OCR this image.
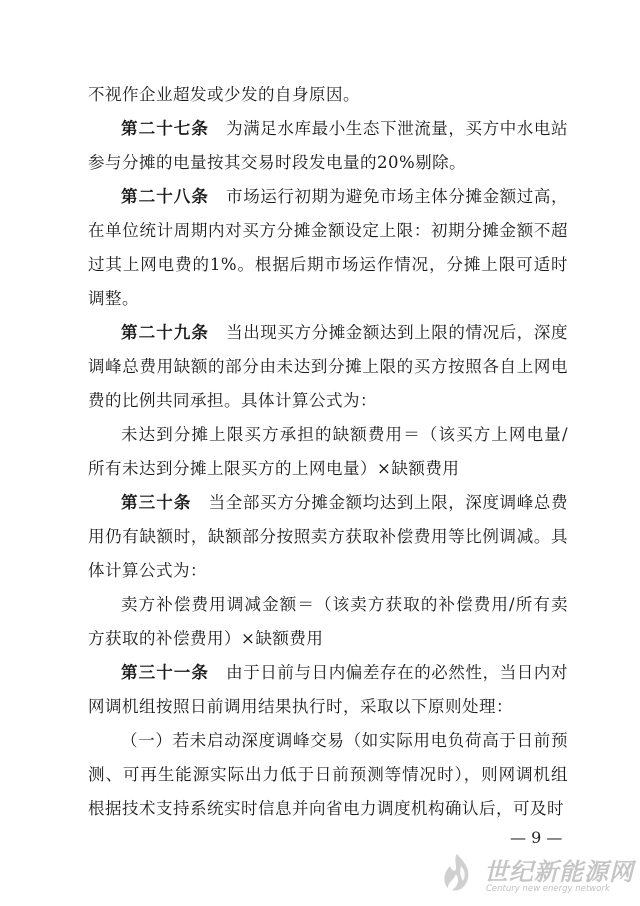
不视作企业超发或少发的自身原因。

第二十七条　为满足水库最小生态下泄流量，买方中水电站参与分摊的电量按其交易时段发电量的20%剔除。

第二十八条　市场运行初期为避免市场主体分摊金额过高，在单位统计周期内对买方分摊金额设定上限：初期分摊金额不超过其上网电费的1%。根据后期市场运作情况，分摊上限可适时调整。

第二十九条　当出现买方分摊金额达到上限的情况后，深度调峰总费用缺额的部分由未达到分摊上限的买方按照各自上网电费的比例共同承担。具体计算公式为：

未达到分摊上限买方承担的缺额费用＝（该买方上网电量/所有未达到分摊上限买方的上网电量）×缺额费用

第三十条　当全部买方分摊金额均达到上限，深度调峰总费用仍有缺额时，缺额部分按照卖方获取补偿费用等比例调减。具体计算公式为：

卖方补偿费用调减金额＝（该卖方获取的补偿费用/所有卖方获取的补偿费用）×缺额费用

第三十一条　由于日前与日内偏差存在的必然性，当日内对网调机组按照日前调用结果执行时，采取以下原则处理：

（一）若未启动深度调峰交易（如实际用电负荷高于日前预测、可再生能源实际出力低于日前预测等情况时），则网调机组根据技术支持系统实时信息并向省电力调度机构确认后，可及时

— 9 —
世纪新能源网
Century new energy network
